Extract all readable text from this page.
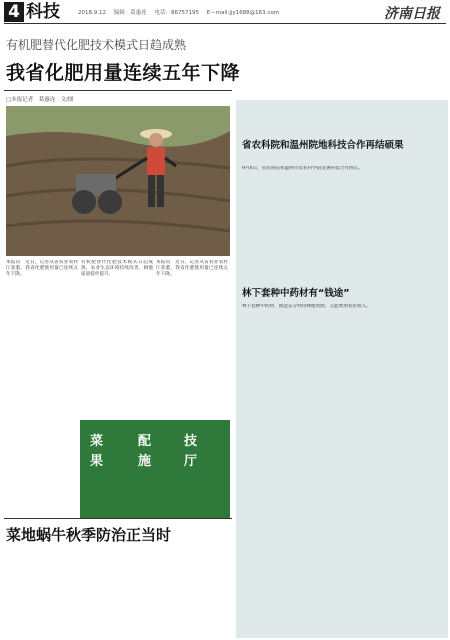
4 科技	2018.9.12 编辑：葛惠连 电话：86757195 E—mail:jjy1688@163.com	济南日报
有机肥替代化肥技术模式日趋成熟
我省化肥用量连续五年下降
□本报记者　葛惠连　文/图
本报讯　近日，记者从省农业农村厅获悉，我省化肥使用量已连续五年下降。
有机肥替代化肥技术模式日趋成熟，农业生态环境持续改善，耕地质量稳步提升。
本报讯　近日，记者从省农业农村厅获悉，我省化肥使用量已连续五年下降。
菜
果
配
施
技
厅
菜地蜗牛秋季防治正当时
省农科院和温州院地科技合作再结硕果
9月4日，省农科院和温州市农业科学院签署科技合作协议。
林下套种中药材有“钱途”
林下套种中药材，既能充分利用林地资源，又能增加农民收入。
